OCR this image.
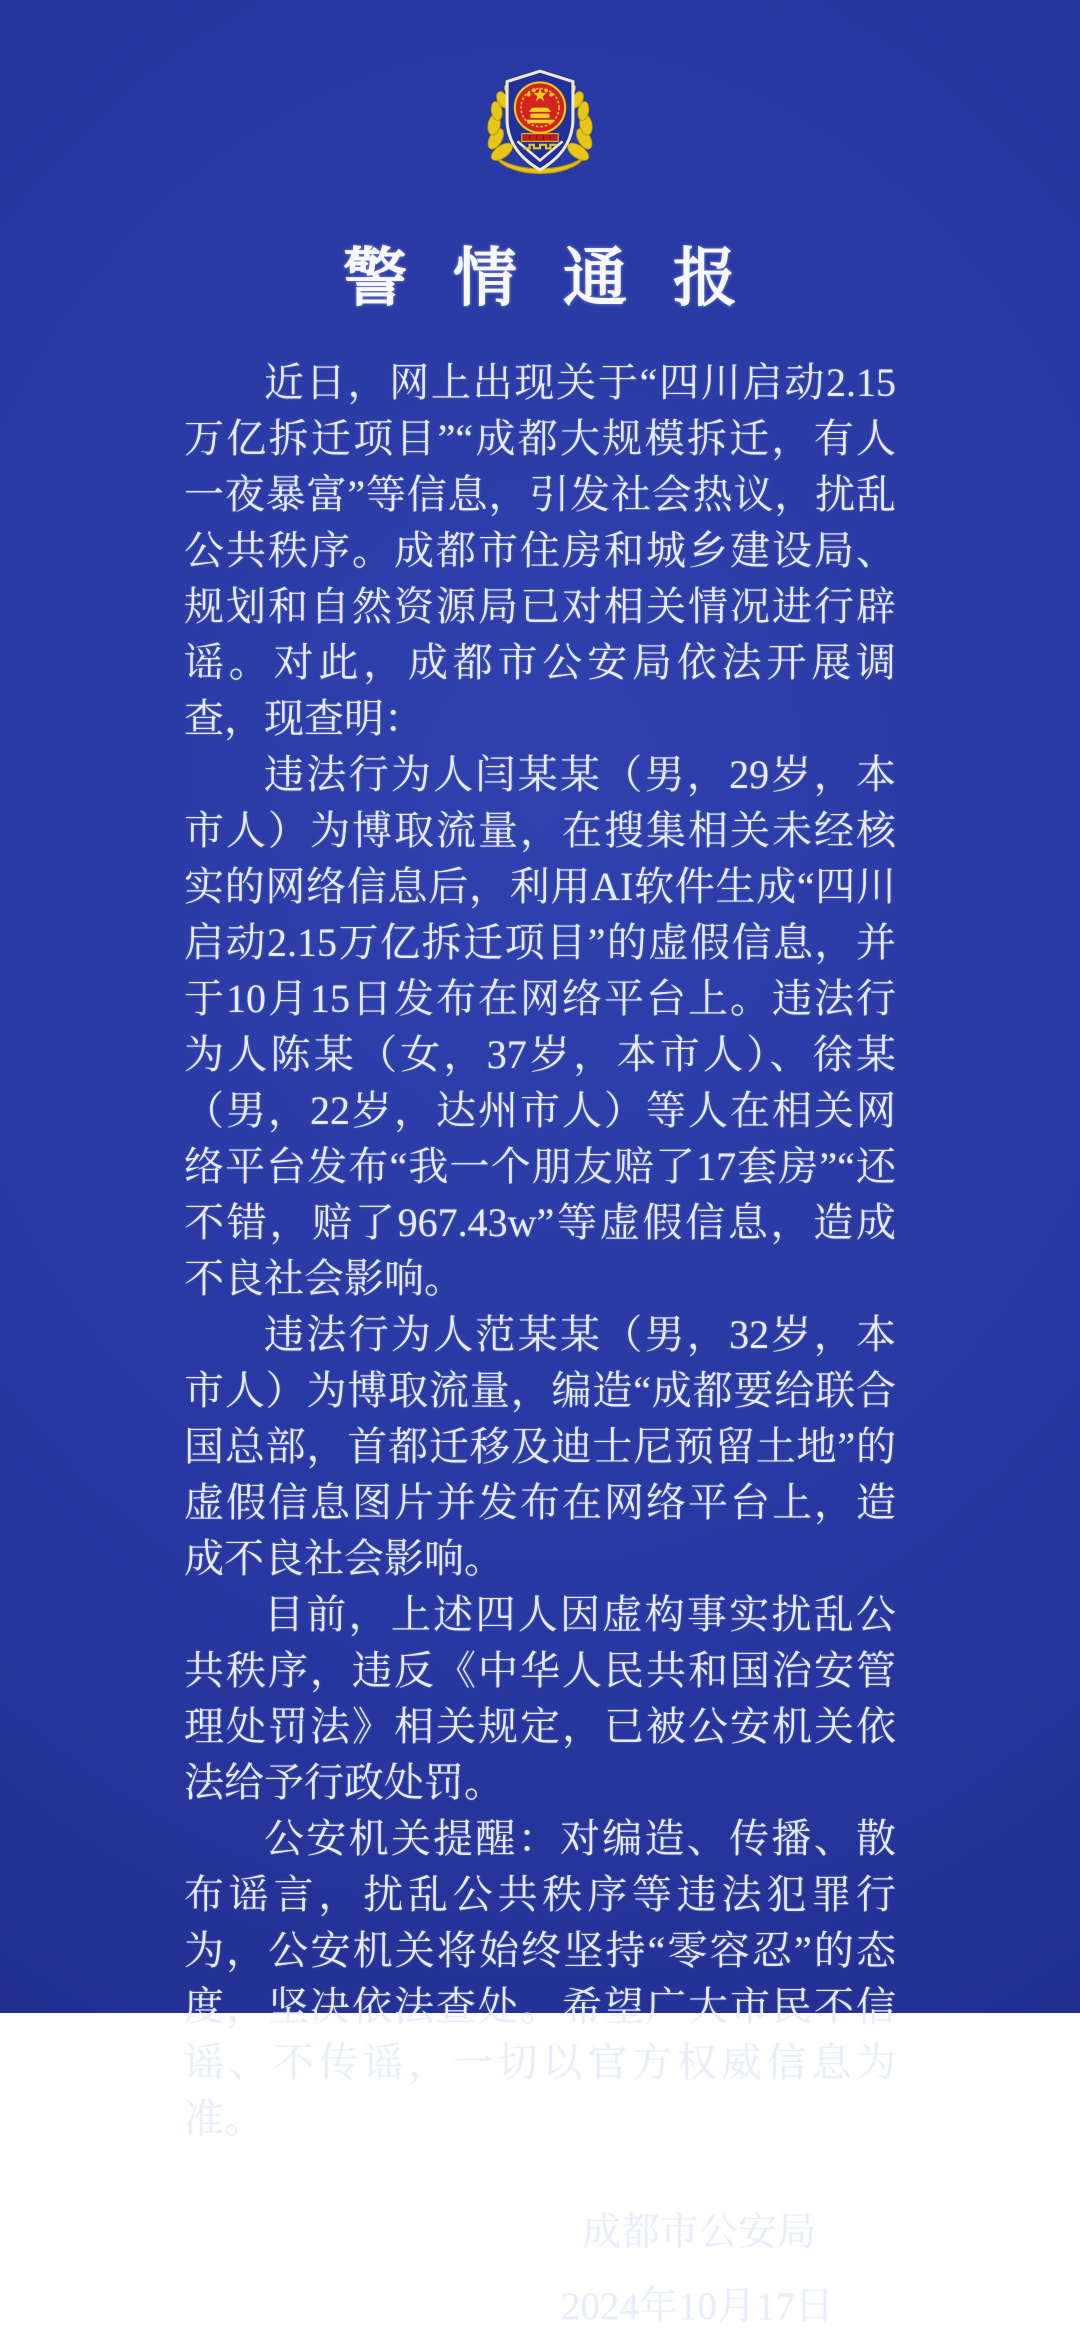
警情通报

近日，网上出现关于“四川启动2.15万亿拆迁项目”“成都大规模拆迁，有人一夜暴富”等信息，引发社会热议，扰乱公共秩序。成都市住房和城乡建设局、规划和自然资源局已对相关情况进行辟谣。对此，成都市公安局依法开展调查，现查明：

违法行为人闫某某（男，29岁，本市人）为博取流量，在搜集相关未经核实的网络信息后，利用AI软件生成“四川启动2.15万亿拆迁项目”的虚假信息，并于10月15日发布在网络平台上。违法行为人陈某（女，37岁，本市人）、徐某（男，22岁，达州市人）等人在相关网络平台发布“我一个朋友赔了17套房”“还不错，赔了967.43w”等虚假信息，造成不良社会影响。

违法行为人范某某（男，32岁，本市人）为博取流量，编造“成都要给联合国总部，首都迁移及迪士尼预留土地”的虚假信息图片并发布在网络平台上，造成不良社会影响。

目前，上述四人因虚构事实扰乱公共秩序，违反《中华人民共和国治安管理处罚法》相关规定，已被公安机关依法给予行政处罚。

公安机关提醒：对编造、传播、散布谣言，扰乱公共秩序等违法犯罪行为，公安机关将始终坚持“零容忍”的态度，坚决依法查处。希望广大市民不信谣、不传谣，一切以官方权威信息为准。

成都市公安局
2024年10月17日
